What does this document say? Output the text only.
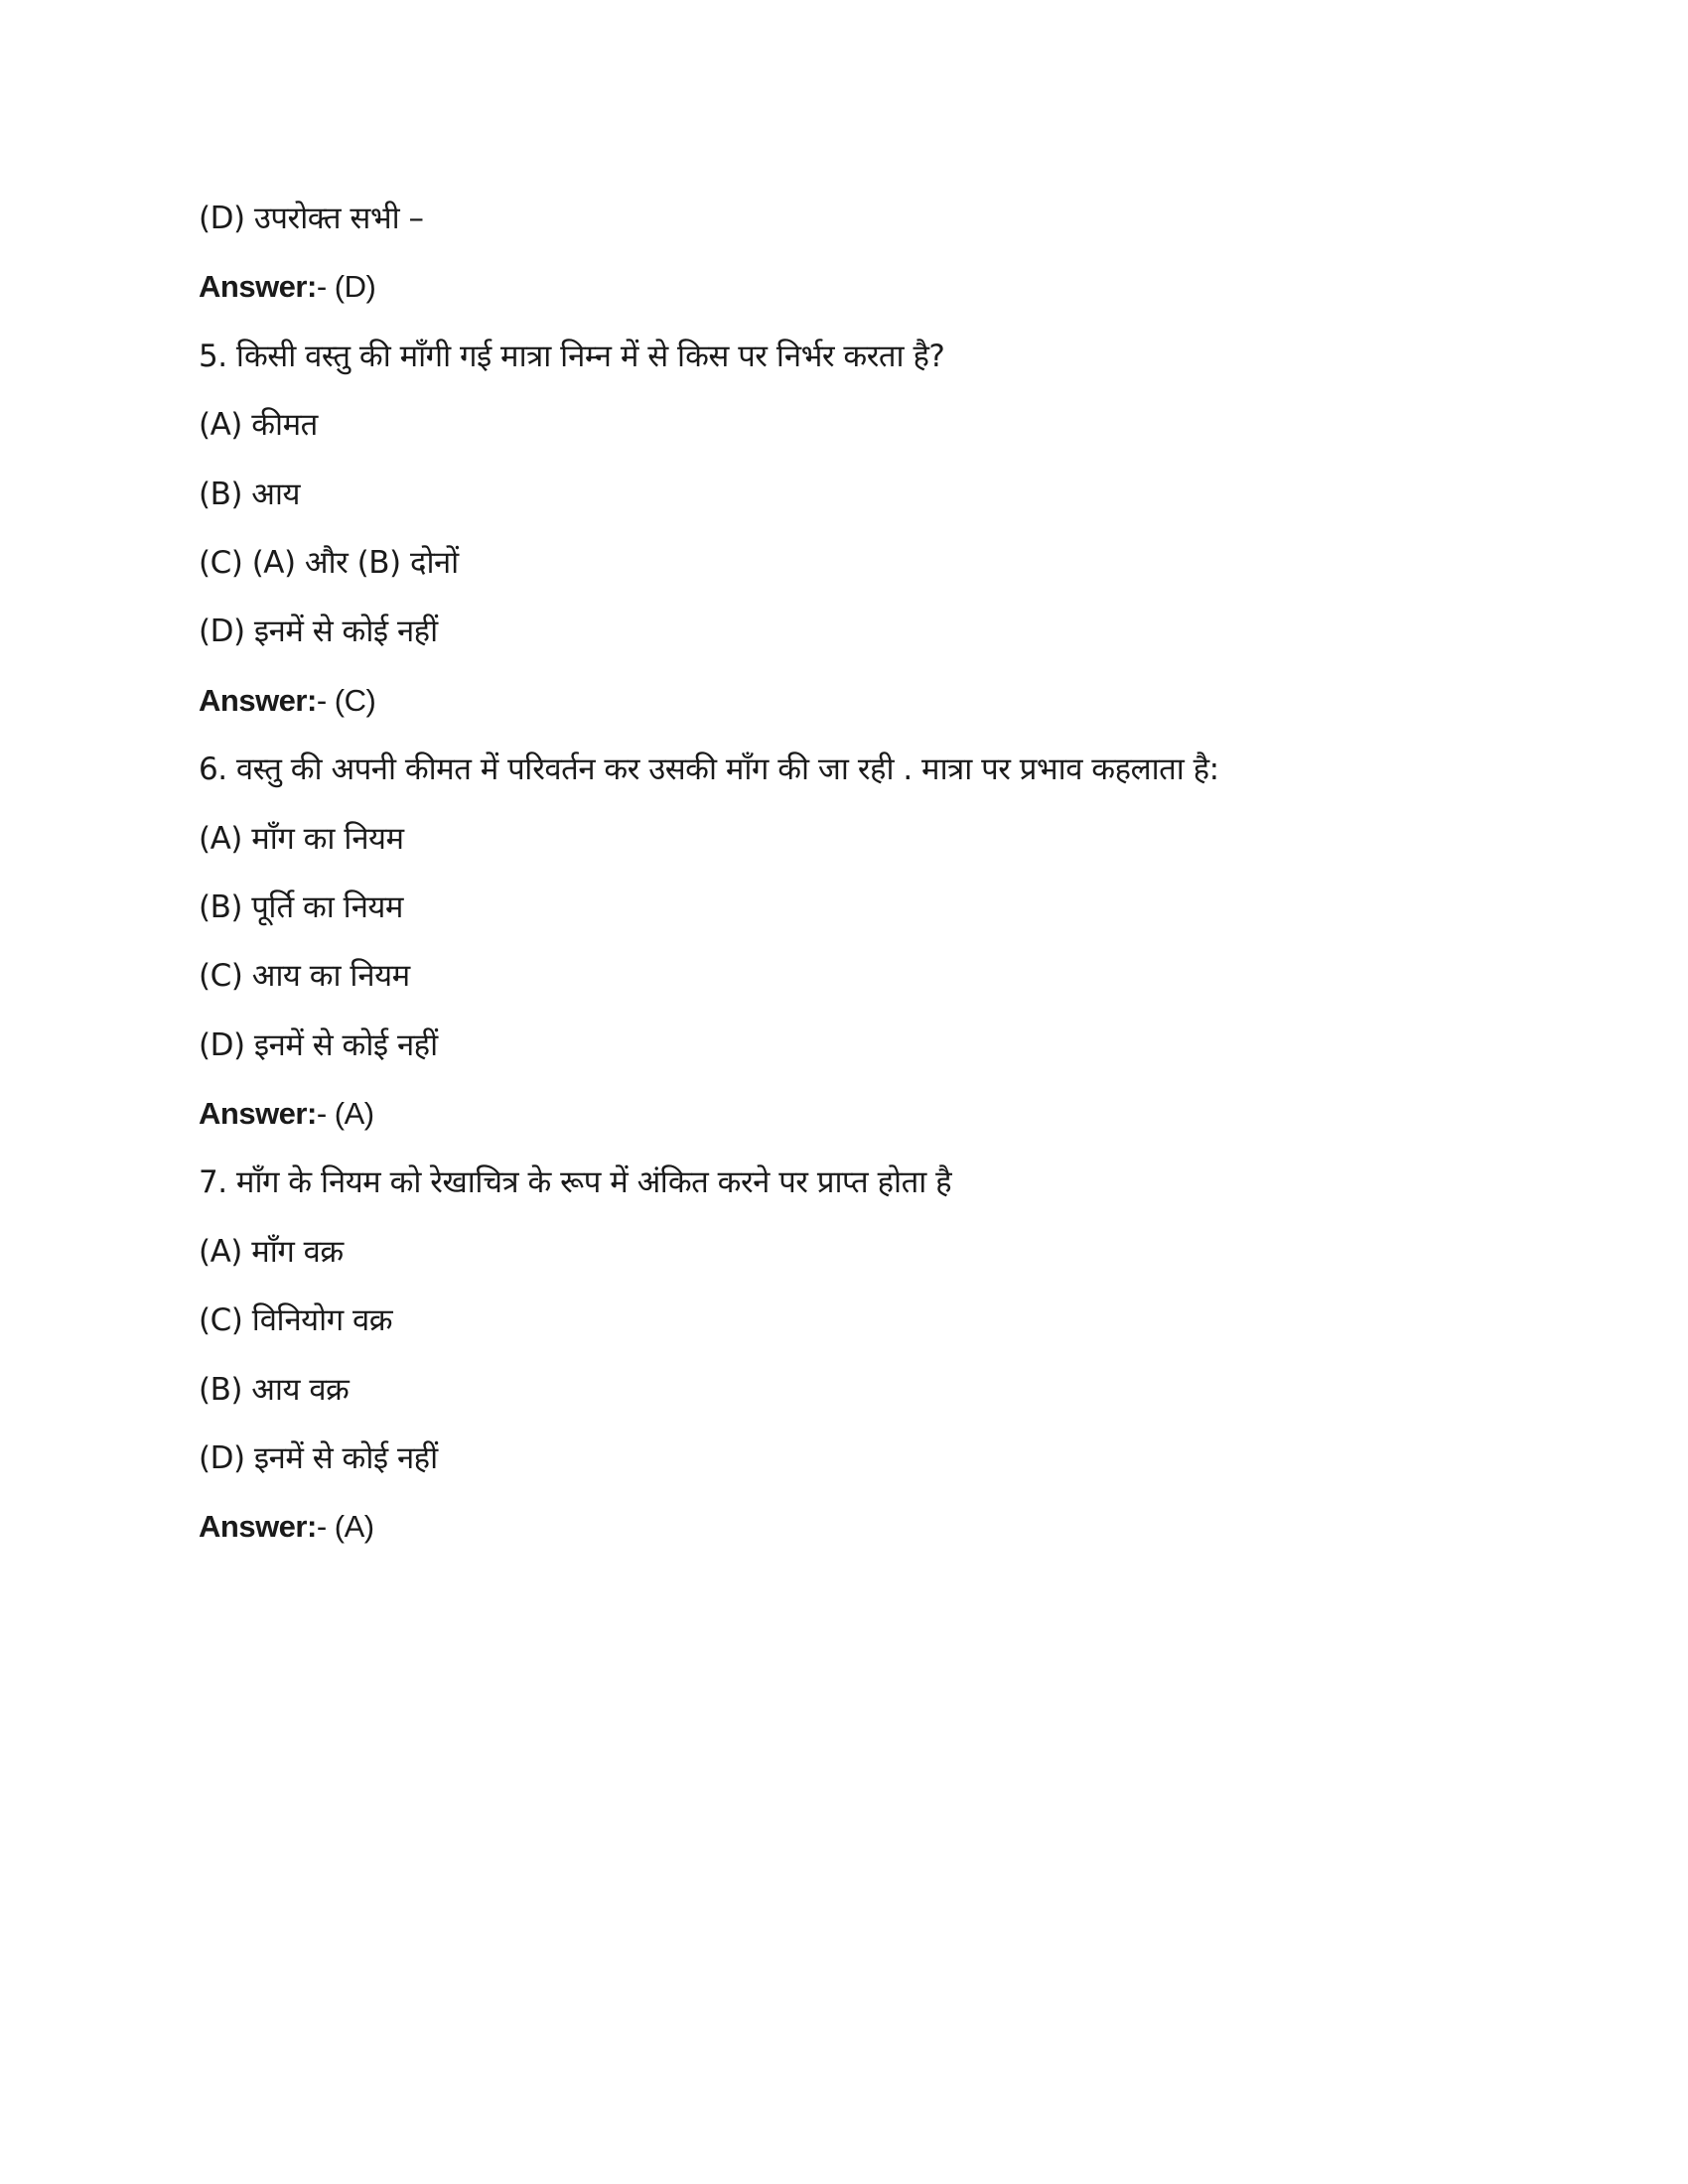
(D) उपरोक्त सभी –
Answer:- (D)
5. किसी वस्तु की माँगी गई मात्रा निम्न में से किस पर निर्भर करता है?
(A) कीमत
(B) आय
(C) (A) और (B) दोनों
(D) इनमें से कोई नहीं
Answer:- (C)
6. वस्तु की अपनी कीमत में परिवर्तन कर उसकी माँग की जा रही . मात्रा पर प्रभाव कहलाता है:
(A) माँग का नियम
(B) पूर्ति का नियम
(C) आय का नियम
(D) इनमें से कोई नहीं
Answer:- (A)
7. माँग के नियम को रेखाचित्र के रूप में अंकित करने पर प्राप्त होता है
(A) माँग वक्र
(C) विनियोग वक्र
(B) आय वक्र
(D) इनमें से कोई नहीं
Answer:- (A)
